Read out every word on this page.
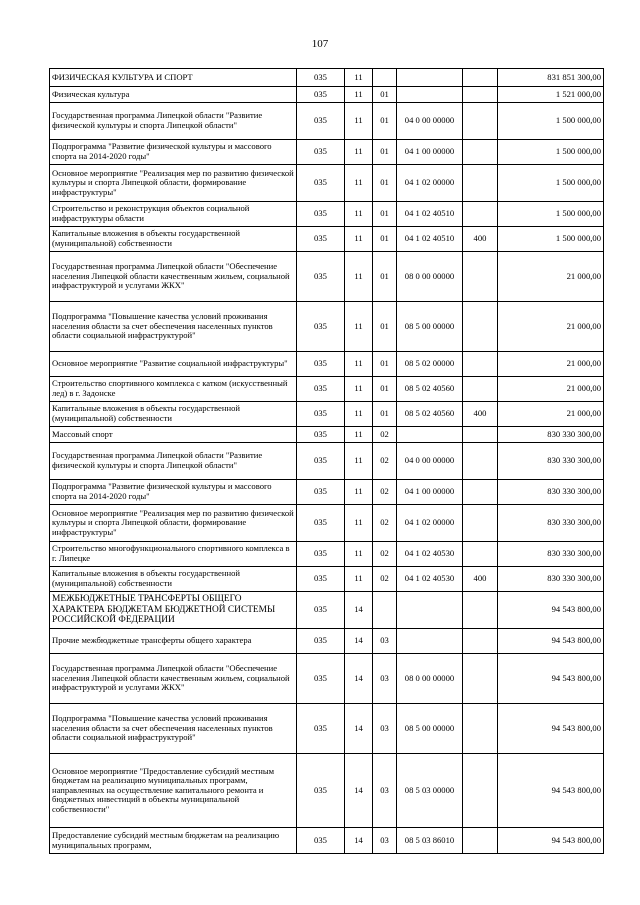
107
ФИЗИЧЕСКАЯ КУЛЬТУРА И СПОРТ	035	11				831 851 300,00
Физическая культура	035	11	01			1 521 000,00
Государственная программа Липецкой области "Развитие физической культуры и спорта Липецкой области"	035	11	01	04 0 00 00000		1 500 000,00
Подпрограмма "Развитие физической культуры и массового спорта на 2014-2020 годы"	035	11	01	04 1 00 00000		1 500 000,00
Основное мероприятие "Реализация мер по развитию физической культуры и спорта Липецкой области, формирование инфраструктуры"	035	11	01	04 1 02 00000		1 500 000,00
Строительство и реконструкция объектов социальной инфраструктуры области	035	11	01	04 1 02 40510		1 500 000,00
Капитальные вложения в объекты государственной (муниципальной) собственности	035	11	01	04 1 02 40510	400	1 500 000,00
Государственная программа Липецкой области "Обеспечение населения Липецкой области качественным жильем, социальной инфраструктурой и услугами ЖКХ"	035	11	01	08 0 00 00000		21 000,00
Подпрограмма "Повышение качества условий проживания населения области за счет обеспечения населенных пунктов области социальной инфраструктурой"	035	11	01	08 5 00 00000		21 000,00
Основное мероприятие "Развитие социальной инфраструктуры"	035	11	01	08 5 02 00000		21 000,00
Строительство спортивного комплекса с катком (искусственный лед) в г. Задонске	035	11	01	08 5 02 40560		21 000,00
Капитальные вложения в объекты государственной (муниципальной) собственности	035	11	01	08 5 02 40560	400	21 000,00
Массовый спорт	035	11	02			830 330 300,00
Государственная программа Липецкой области "Развитие физической культуры и спорта Липецкой области"	035	11	02	04 0 00 00000		830 330 300,00
Подпрограмма "Развитие физической культуры и массового спорта на 2014-2020 годы"	035	11	02	04 1 00 00000		830 330 300,00
Основное мероприятие "Реализация мер по развитию физической культуры и спорта Липецкой области, формирование инфраструктуры"	035	11	02	04 1 02 00000		830 330 300,00
Строительство многофункционального спортивного комплекса в г. Липецке	035	11	02	04 1 02 40530		830 330 300,00
Капитальные вложения в объекты государственной (муниципальной) собственности	035	11	02	04 1 02 40530	400	830 330 300,00
МЕЖБЮДЖЕТНЫЕ ТРАНСФЕРТЫ ОБЩЕГО ХАРАКТЕРА БЮДЖЕТАМ БЮДЖЕТНОЙ СИСТЕМЫ РОССИЙСКОЙ ФЕДЕРАЦИИ	035	14				94 543 800,00
Прочие межбюджетные трансферты общего характера	035	14	03			94 543 800,00
Государственная программа Липецкой области "Обеспечение населения Липецкой области качественным жильем, социальной инфраструктурой и услугами ЖКХ"	035	14	03	08 0 00 00000		94 543 800,00
Подпрограмма "Повышение качества условий проживания населения области за счет обеспечения населенных пунктов области социальной инфраструктурой"	035	14	03	08 5 00 00000		94 543 800,00
Основное мероприятие "Предоставление субсидий местным бюджетам на реализацию муниципальных программ, направленных на осуществление капитального ремонта и бюджетных инвестиций в объекты муниципальной собственности"	035	14	03	08 5 03 00000		94 543 800,00
Предоставление субсидий местным бюджетам на реализацию муниципальных программ,	035	14	03	08 5 03 86010		94 543 800,00
